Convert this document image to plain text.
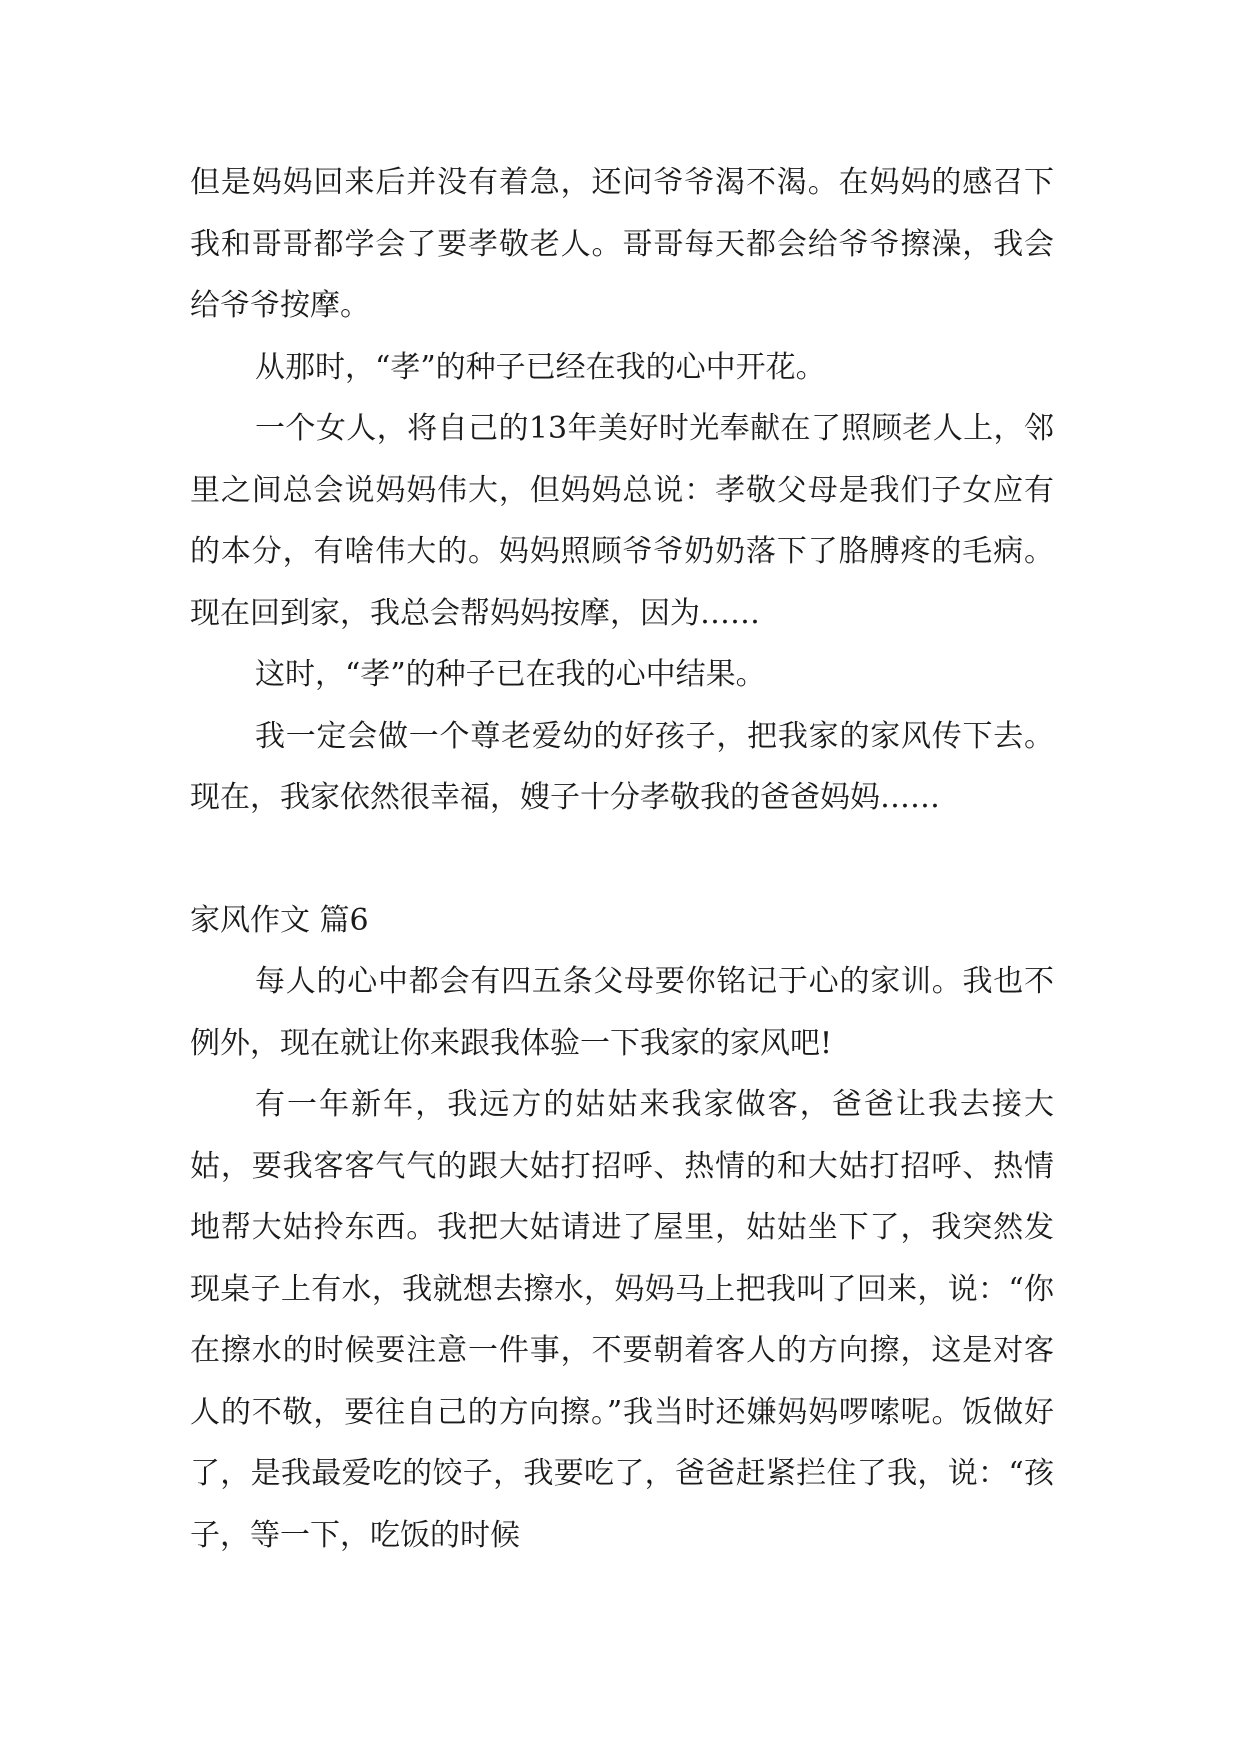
但是妈妈回来后并没有着急，还问爷爷渴不渴。在妈妈的感召下我和哥哥都学会了要孝敬老人。哥哥每天都会给爷爷擦澡，我会给爷爷按摩。

从那时，“孝”的种子已经在我的心中开花。

一个女人，将自己的13年美好时光奉献在了照顾老人上，邻里之间总会说妈妈伟大，但妈妈总说：孝敬父母是我们子女应有的本分，有啥伟大的。妈妈照顾爷爷奶奶落下了胳膊疼的毛病。现在回到家，我总会帮妈妈按摩，因为……

这时，“孝”的种子已在我的心中结果。

我一定会做一个尊老爱幼的好孩子，把我家的家风传下去。现在，我家依然很幸福，嫂子十分孝敬我的爸爸妈妈……

家风作文 篇6

每人的心中都会有四五条父母要你铭记于心的家训。我也不例外，现在就让你来跟我体验一下我家的家风吧!

有一年新年，我远方的姑姑来我家做客，爸爸让我去接大姑，要我客客气气的跟大姑打招呼、热情的和大姑打招呼、热情地帮大姑拎东西。我把大姑请进了屋里，姑姑坐下了，我突然发现桌子上有水，我就想去擦水，妈妈马上把我叫了回来，说：“你在擦水的时候要注意一件事，不要朝着客人的方向擦，这是对客人的不敬，要往自己的方向擦。”我当时还嫌妈妈啰嗦呢。饭做好了，是我最爱吃的饺子，我要吃了，爸爸赶紧拦住了我，说：“孩子，等一下，吃饭的时候
